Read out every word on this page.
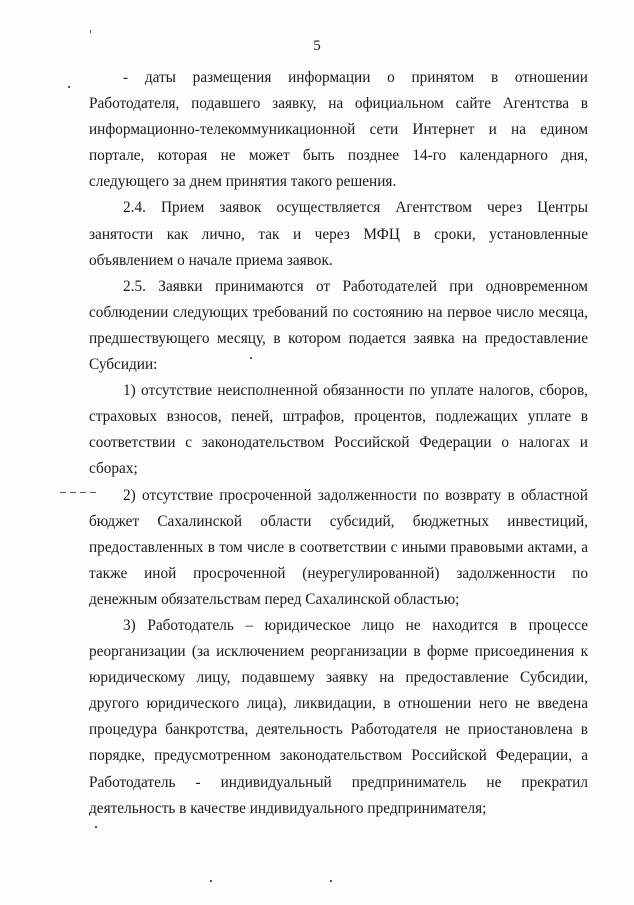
5

- даты размещения информации о принятом в отношении Работодателя, подавшего заявку, на официальном сайте Агентства в информационно-телекоммуникационной сети Интернет и на едином портале, которая не может быть позднее 14-го календарного дня, следующего за днем принятия такого решения.

2.4. Прием заявок осуществляется Агентством через Центры занятости как лично, так и через МФЦ в сроки, установленные объявлением о начале приема заявок.

2.5. Заявки принимаются от Работодателей при одновременном соблюдении следующих требований по состоянию на первое число месяца, предшествующего месяцу, в котором подается заявка на предоставление Субсидии:

1) отсутствие неисполненной обязанности по уплате налогов, сборов, страховых взносов, пеней, штрафов, процентов, подлежащих уплате в соответствии с законодательством Российской Федерации о налогах и сборах;

2) отсутствие просроченной задолженности по возврату в областной бюджет Сахалинской области субсидий, бюджетных инвестиций, предоставленных в том числе в соответствии с иными правовыми актами, а также иной просроченной (неурегулированной) задолженности по денежным обязательствам перед Сахалинской областью;

3) Работодатель – юридическое лицо не находится в процессе реорганизации (за исключением реорганизации в форме присоединения к юридическому лицу, подавшему заявку на предоставление Субсидии, другого юридического лица), ликвидации, в отношении него не введена процедура банкротства, деятельность Работодателя не приостановлена в порядке, предусмотренном законодательством Российской Федерации, а Работодатель - индивидуальный предприниматель не прекратил деятельность в качестве индивидуального предпринимателя;
